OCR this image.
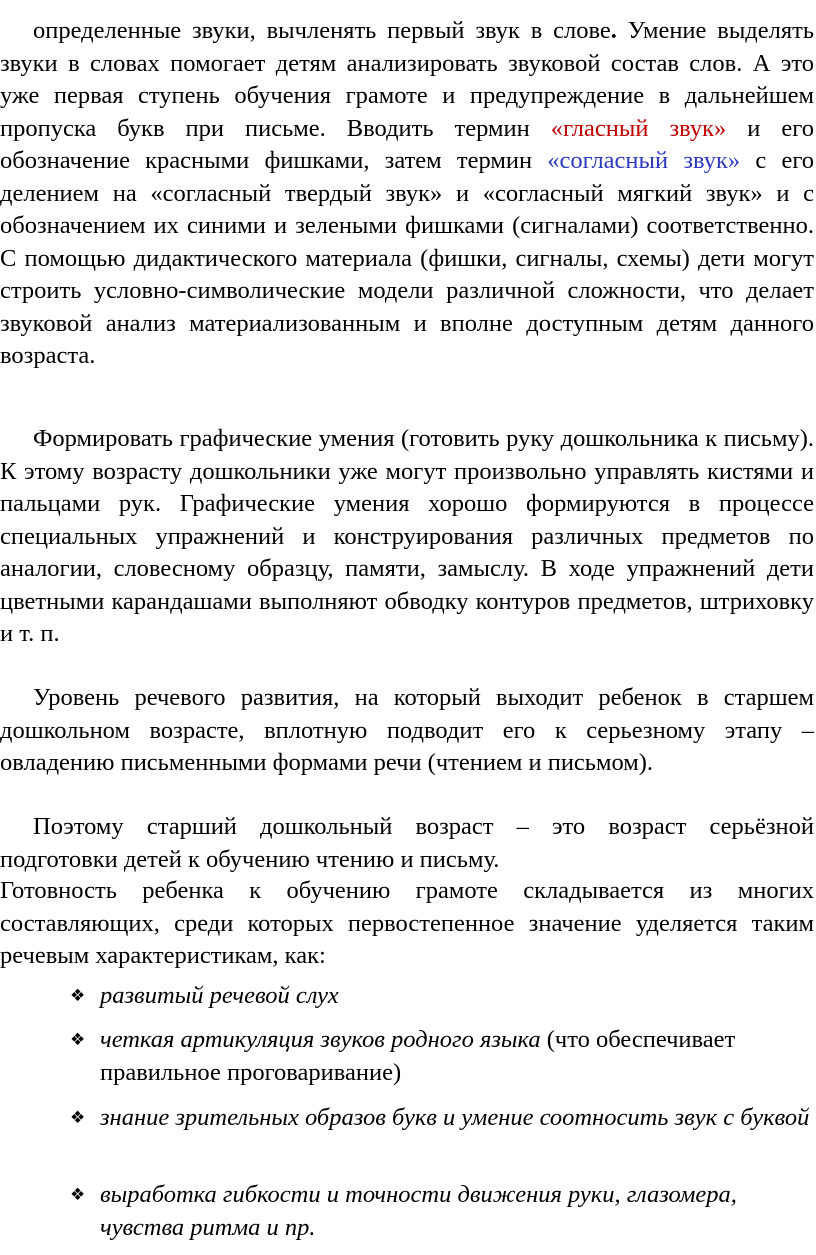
определенные звуки, вычленять первый звук в слове. Умение выделять звуки в словах помогает детям анализировать звуковой состав слов. А это уже первая ступень обучения грамоте и предупреждение в дальнейшем пропуска букв при письме. Вводить термин «гласный звук» и его обозначение красными фишками, затем термин «согласный звук» с его делением на «согласный твердый звук» и «согласный мягкий звук» и с обозначением их синими и зелеными фишками (сигналами) соответственно. С помощью дидактического материала (фишки, сигналы, схемы) дети могут строить условно-символические модели различной сложности, что делает звуковой анализ материализованным и вполне доступным детям данного возраста.

Формировать графические умения (готовить руку дошкольника к письму). К этому возрасту дошкольники уже могут произвольно управлять кистями и пальцами рук. Графические умения хорошо формируются в процессе специальных упражнений и конструирования различных предметов по аналогии, словесному образцу, памяти, замыслу. В ходе упражнений дети цветными карандашами выполняют обводку контуров предметов, штриховку и т. п.

Уровень речевого развития, на который выходит ребенок в старшем дошкольном возрасте, вплотную подводит его к серьезному этапу – овладению письменными формами речи (чтением и письмом).

Поэтому старший дошкольный возраст – это возраст серьёзной подготовки детей к обучению чтению и письму.

Готовность ребенка к обучению грамоте складывается из многих составляющих, среди которых первостепенное значение уделяется таким речевым характеристикам, как:

❖ развитый речевой слух
❖ четкая артикуляция звуков родного языка (что обеспечивает правильное проговаривание)
❖ знание зрительных образов букв и умение соотносить звук с буквой
❖ выработка гибкости и точности движения руки, глазомера, чувства ритма и пр.
